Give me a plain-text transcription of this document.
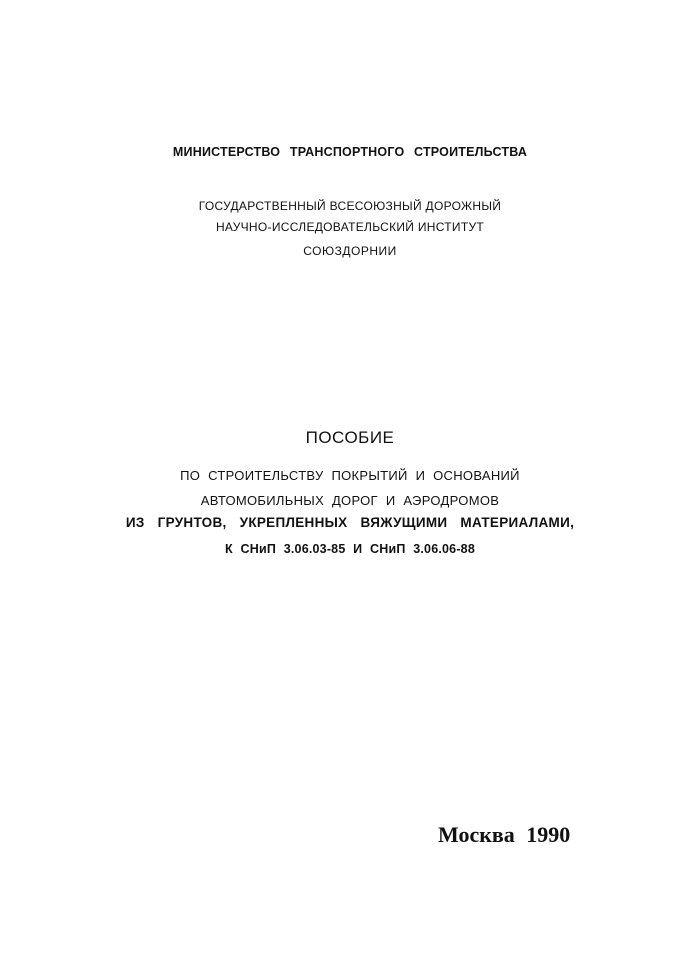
МИНИСТЕРСТВО ТРАНСПОРТНОГО СТРОИТЕЛЬСТВА
ГОСУДАРСТВЕННЫЙ ВСЕСОЮЗНЫЙ ДОРОЖНЫЙ
НАУЧНО-ИССЛЕДОВАТЕЛЬСКИЙ ИНСТИТУТ
СОЮЗДОРНИИ
ПОСОБИЕ
ПО СТРОИТЕЛЬСТВУ ПОКРЫТИЙ И ОСНОВАНИЙ
АВТОМОБИЛЬНЫХ ДОРОГ И АЭРОДРОМОВ
ИЗ ГРУНТОВ, УКРЕПЛЕННЫХ ВЯЖУЩИМИ МАТЕРИАЛАМИ,
К СНиП 3.06.03-85 И СНиП 3.06.06-88
Москва 1990
